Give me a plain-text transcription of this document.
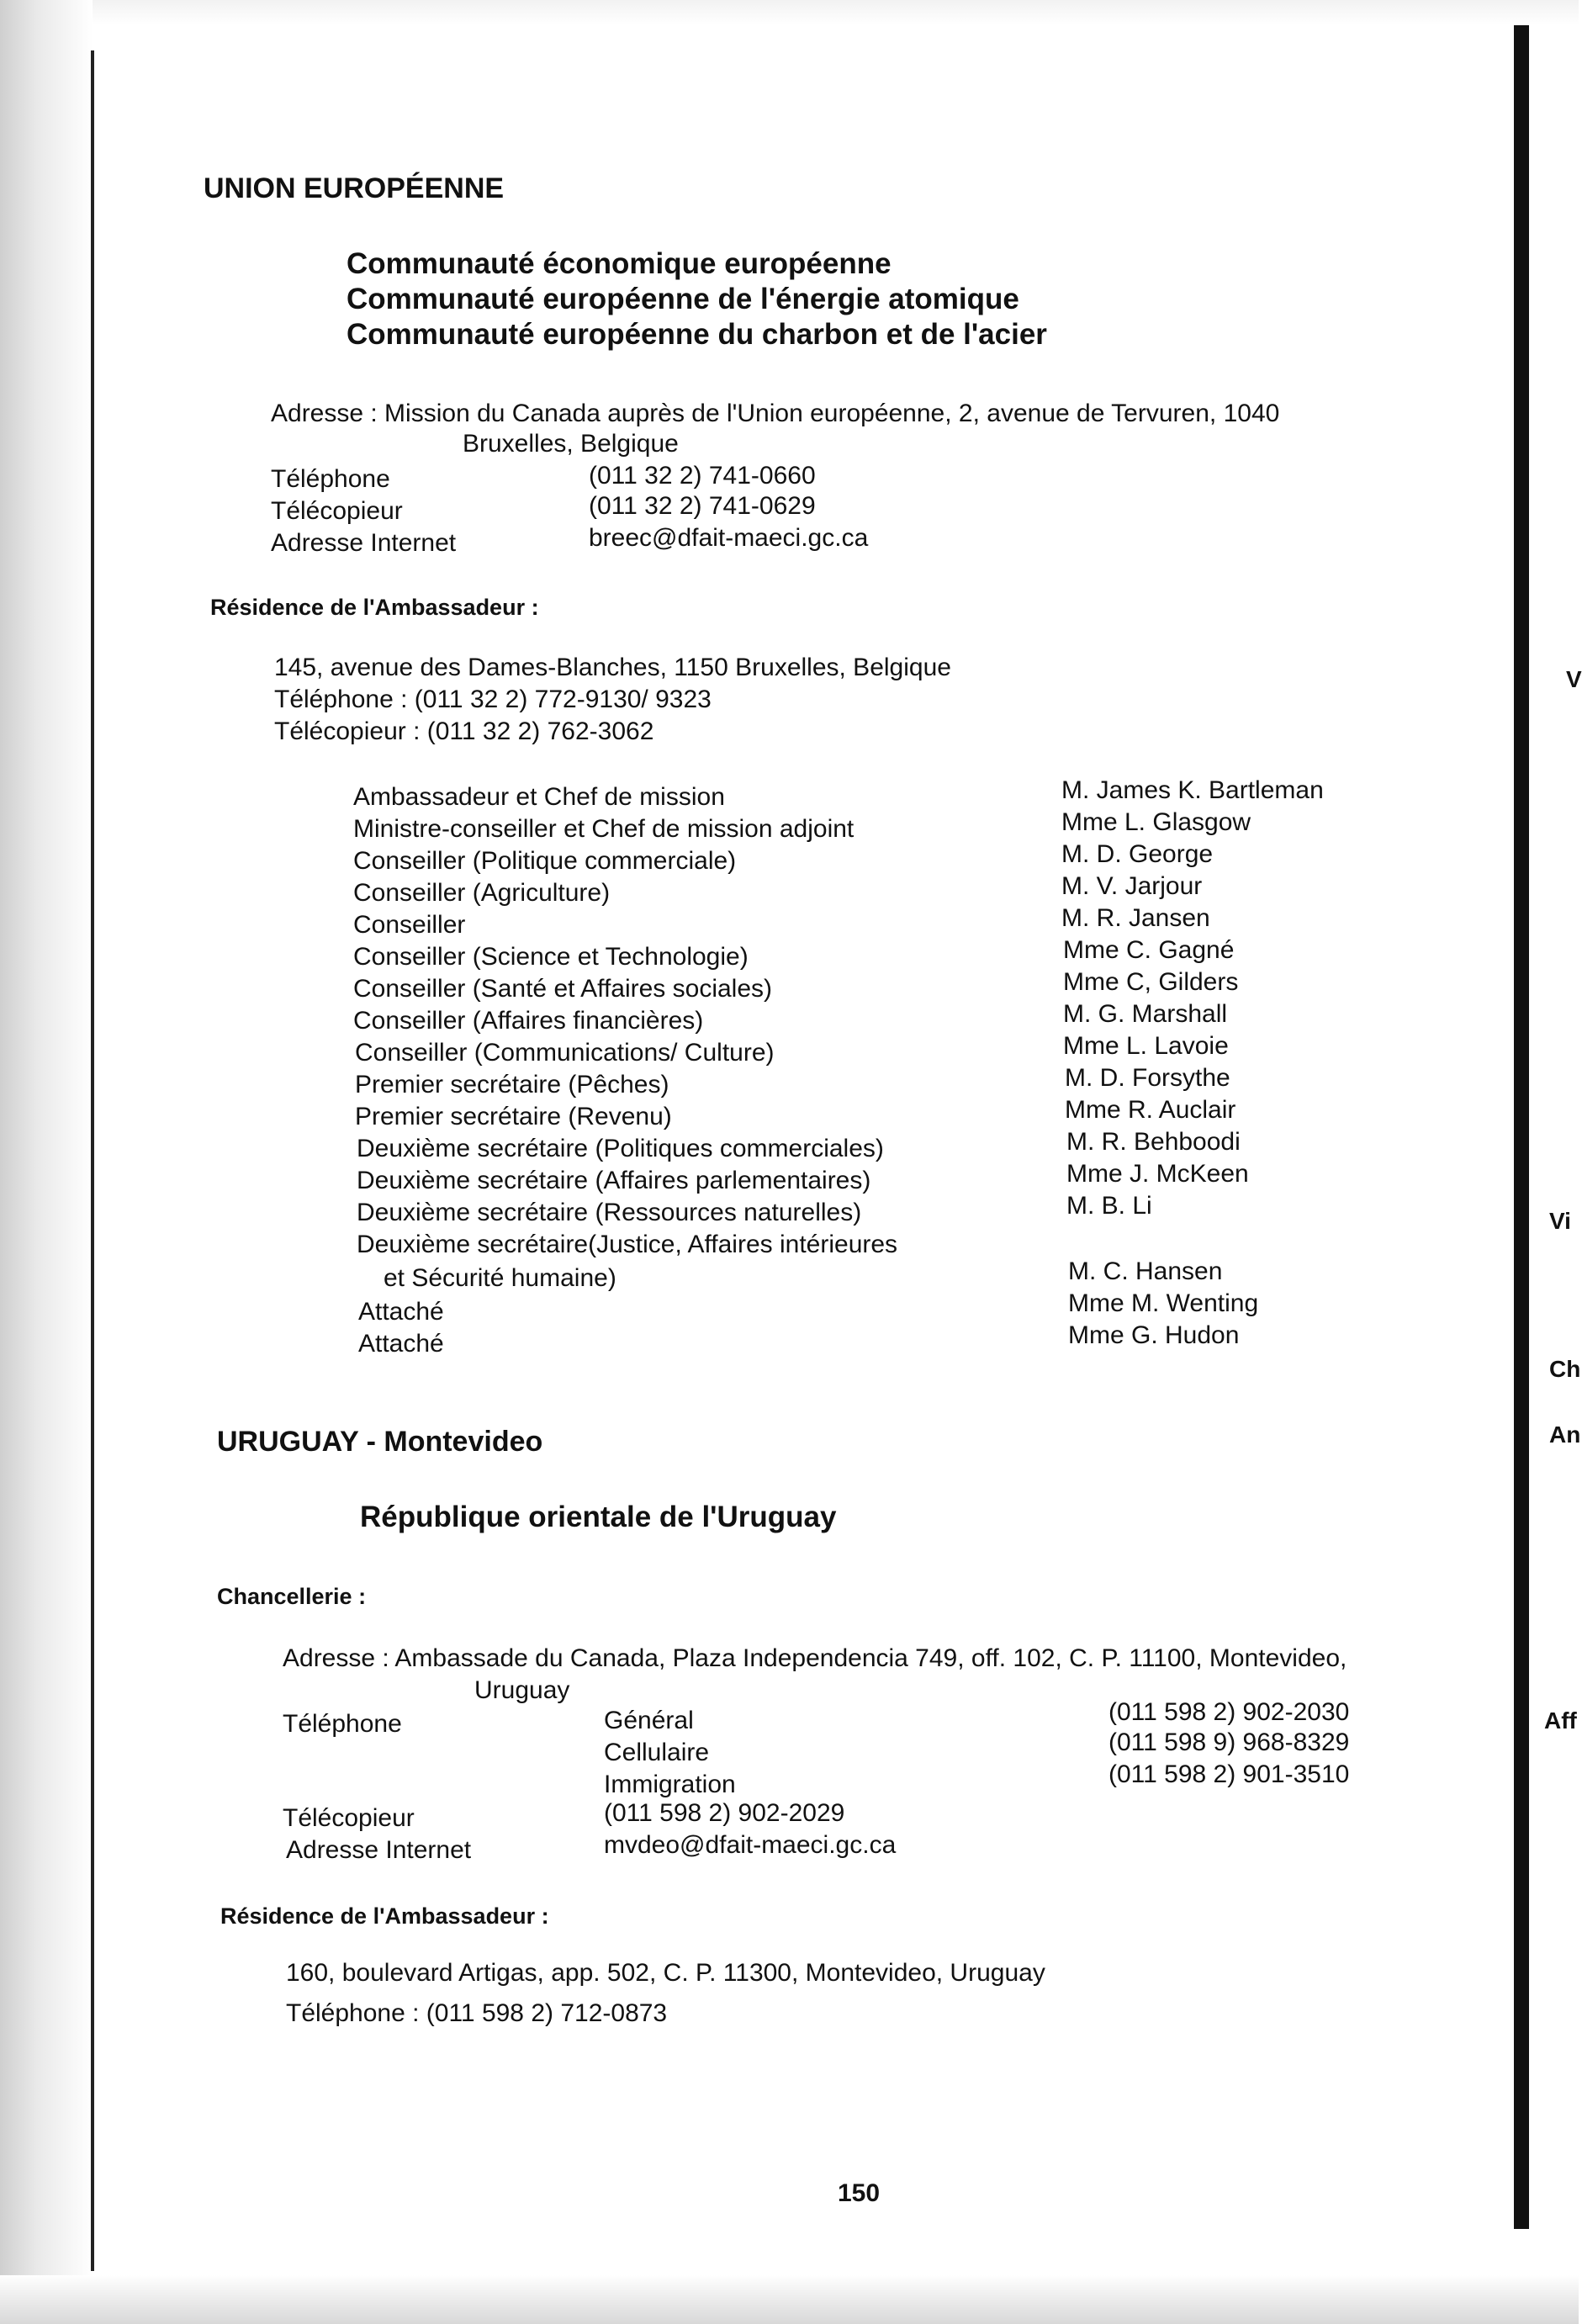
UNION EUROPÉENNE
Communauté économique européenne
Communauté européenne de l'énergie atomique
Communauté européenne du charbon et de l'acier
Adresse : Mission du Canada auprès de l'Union européenne, 2, avenue de Tervuren, 1040
Bruxelles, Belgique
Téléphone	(011 32 2) 741-0660
Télécopieur	(011 32 2) 741-0629
Adresse Internet	breec@dfait-maeci.gc.ca
Résidence de l'Ambassadeur :
145, avenue des Dames-Blanches, 1150 Bruxelles, Belgique
Téléphone : (011 32 2) 772-9130/ 9323
Télécopieur : (011 32 2) 762-3062
Ambassadeur et Chef de mission	M. James K. Bartleman
Ministre-conseiller et Chef de mission adjoint	Mme L. Glasgow
Conseiller (Politique commerciale)	M. D. George
Conseiller (Agriculture)	M. V. Jarjour
Conseiller	M. R. Jansen
Conseiller (Science et Technologie)	Mme C. Gagné
Conseiller (Santé et Affaires sociales)	Mme C, Gilders
Conseiller (Affaires financières)	M. G. Marshall
Conseiller (Communications/ Culture)	Mme L. Lavoie
Premier secrétaire (Pêches)	M. D. Forsythe
Premier secrétaire (Revenu)	Mme R. Auclair
Deuxième secrétaire (Politiques commerciales)	M. R. Behboodi
Deuxième secrétaire (Affaires parlementaires)	Mme J. McKeen
Deuxième secrétaire (Ressources naturelles)	M. B. Li
Deuxième secrétaire(Justice, Affaires intérieures
et Sécurité humaine)	M. C. Hansen
Attaché	Mme M. Wenting
Attaché	Mme G. Hudon
URUGUAY - Montevideo
République orientale de l'Uruguay
Chancellerie :
Adresse : Ambassade du Canada, Plaza Independencia 749, off. 102, C. P. 11100, Montevideo,
Uruguay
Téléphone	Général	(011 598 2) 902-2030
Cellulaire	(011 598 9) 968-8329
Immigration	(011 598 2) 901-3510
Télécopieur	(011 598 2) 902-2029
Adresse Internet	mvdeo@dfait-maeci.gc.ca
Résidence de l'Ambassadeur :
160, boulevard Artigas, app. 502, C. P. 11300, Montevideo, Uruguay
Téléphone : (011 598 2) 712-0873
150
V
Vi
Ch
An
Aff
